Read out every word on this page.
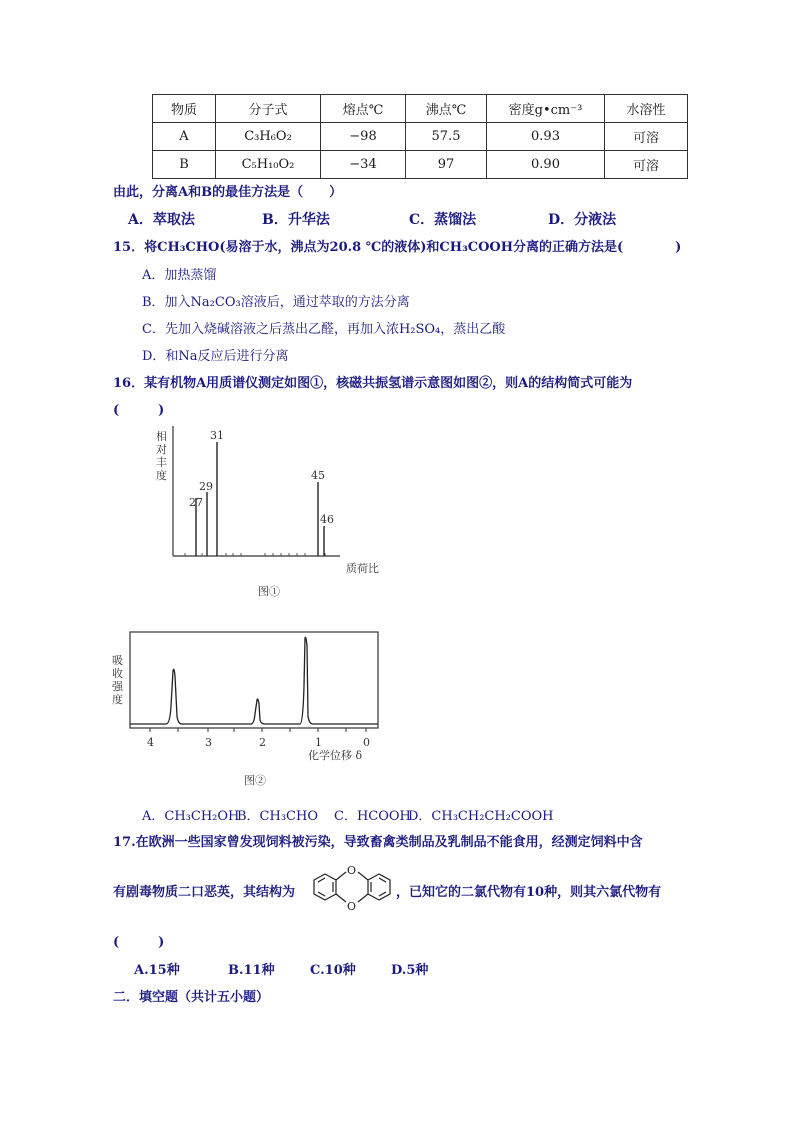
物质	分子式	熔点℃	沸点℃	密度g•cm⁻³	水溶性
A	C₃H₆O₂	−98	57.5	0.93	可溶
B	C₅H₁₀O₂	−34	97	0.90	可溶
由此，分离A和B的最佳方法是（　　）
A．萃取法	B．升华法	C．蒸馏法	D．分液法
15．将CH₃CHO(易溶于水，沸点为20.8 ℃的液体)和CH₃COOH分离的正确方法是(　　　　)
A．加热蒸馏
B．加入Na₂CO₃溶液后，通过萃取的方法分离
C．先加入烧碱溶液之后蒸出乙醛，再加入浓H₂SO₄，蒸出乙酸
D．和Na反应后进行分离
16．某有机物A用质谱仪测定如图①，核磁共振氢谱示意图如图②，则A的结构简式可能为
(　　　)
相
对
丰
度
27
29
31
45
46
质荷比
图①
吸
收
强
度
4	3	2	1	0
化学位移 δ
图②
A．CH₃CH₂OH
B．CH₃CHO C．HCOOH
D．CH₃CH₂CH₂COOH
17.在欧洲一些国家曾发现饲料被污染，导致畜禽类制品及乳制品不能食用，经测定饲料中含
有剧毒物质二口恶英，其结构为
O
O
，已知它的二氯代物有10种，则其六氯代物有
(　　　)
A.15种	B.11种	C.10种	D.5种
二．填空题（共计五小题）
